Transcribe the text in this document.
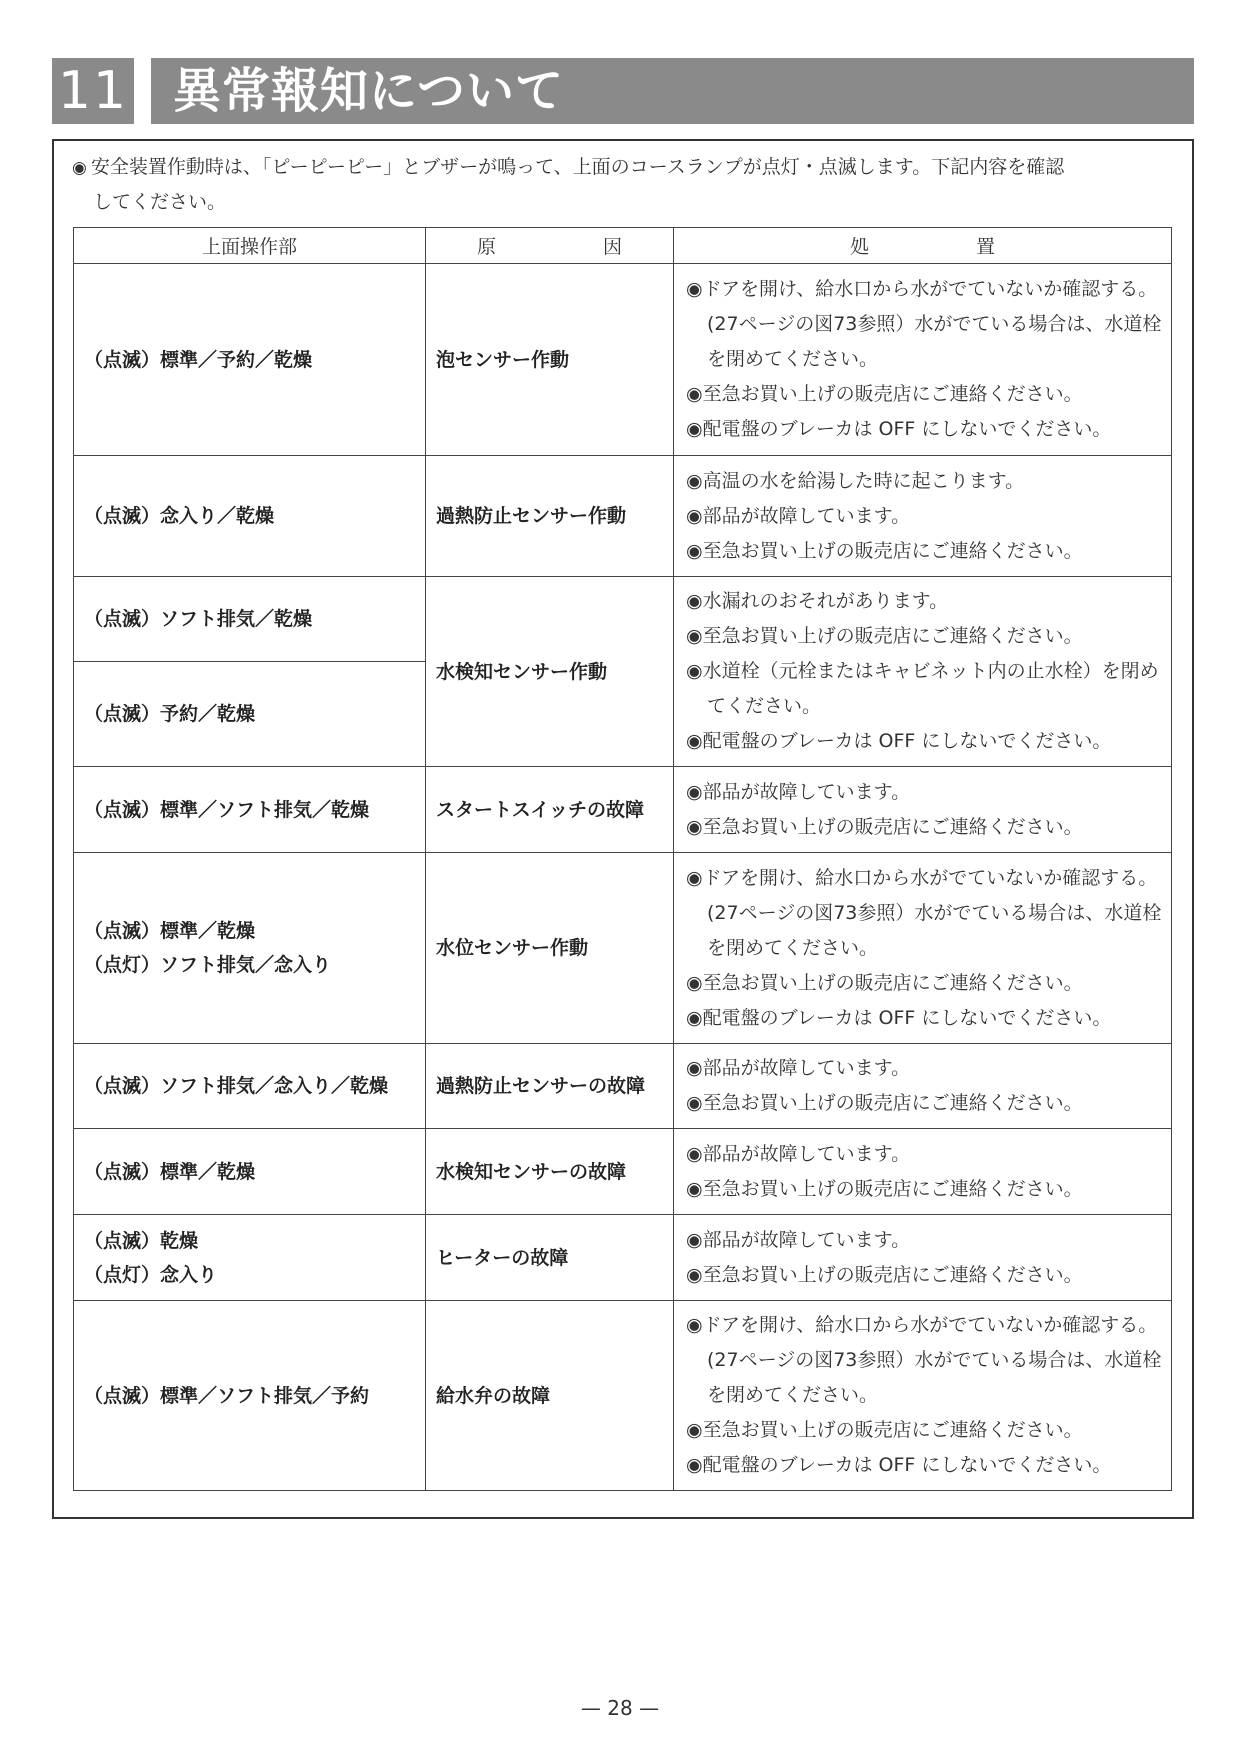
11 異常報知について
◉ 安全装置作動時は、「ピーピーピー」とブザーが鳴って、上面のコースランプが点灯・点滅します。下記内容を確認
してください。
上面操作部	原 因	処 置

（点滅）標準／予約／乾燥	泡センサー作動	◉ドアを開け、給水口から水がでていないか確認する。(27ページの図73参照）水がでている場合は、水道栓を閉めてください。
◉至急お買い上げの販売店にご連絡ください。
◉配電盤のブレーカは OFF にしないでください。

（点滅）念入り／乾燥	過熱防止センサー作動	◉高温の水を給湯した時に起こります。
◉部品が故障しています。
◉至急お買い上げの販売店にご連絡ください。

（点滅）ソフト排気／乾燥	水検知センサー作動	◉水漏れのおそれがあります。
◉至急お買い上げの販売店にご連絡ください。
◉水道栓（元栓またはキャビネット内の止水栓）を閉めてください。
◉配電盤のブレーカは OFF にしないでください。

（点滅）予約／乾燥		

（点滅）標準／ソフト排気／乾燥	スタートスイッチの故障	◉部品が故障しています。
◉至急お買い上げの販売店にご連絡ください。

（点滅）標準／乾燥
（点灯）ソフト排気／念入り	水位センサー作動	◉ドアを開け、給水口から水がでていないか確認する。(27ページの図73参照）水がでている場合は、水道栓を閉めてください。
◉至急お買い上げの販売店にご連絡ください。
◉配電盤のブレーカは OFF にしないでください。

（点滅）ソフト排気／念入り／乾燥	過熱防止センサーの故障	◉部品が故障しています。
◉至急お買い上げの販売店にご連絡ください。

（点滅）標準／乾燥	水検知センサーの故障	◉部品が故障しています。
◉至急お買い上げの販売店にご連絡ください。

（点滅）乾燥
（点灯）念入り	ヒーターの故障	◉部品が故障しています。
◉至急お買い上げの販売店にご連絡ください。

（点滅）標準／ソフト排気／予約	給水弁の故障	◉ドアを開け、給水口から水がでていないか確認する。(27ページの図73参照）水がでている場合は、水道栓を閉めてください。
◉至急お買い上げの販売店にご連絡ください。
◉配電盤のブレーカは OFF にしないでください。
— 28 —
